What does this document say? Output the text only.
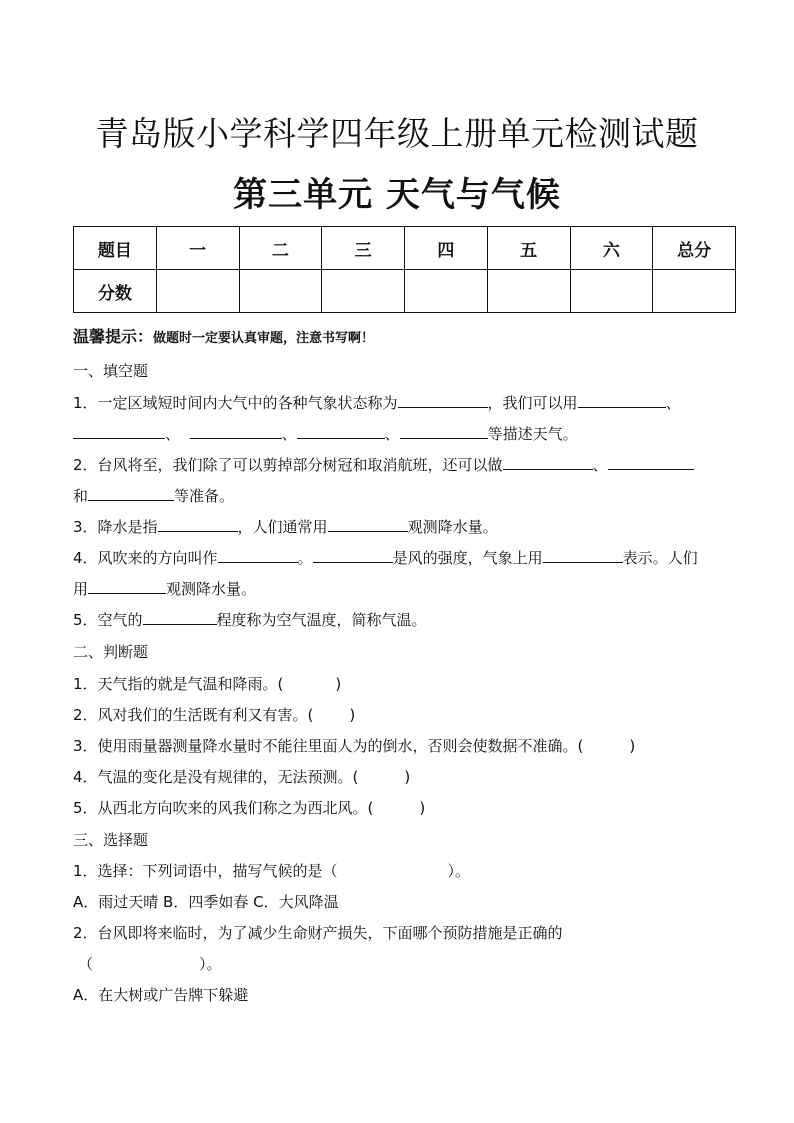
青岛版小学科学四年级上册单元检测试题
第三单元 天气与气候
题目	一	二	三	四	五	六	总分
分数							
温馨提示：做题时一定要认真审题，注意书写啊！
一、填空题
1．一定区域短时间内大气中的各种气象状态称为	，我们可以用	、
、	、	、	等描述天气。
2．台风将至，我们除了可以剪掉部分树冠和取消航班，还可以做	、
和	等准备。
3．降水是指	，人们通常用	观测降水量。
4．风吹来的方向叫作	。	是风的强度，气象上用	表示。人们
用	观测降水量。
5．空气的	程度称为空气温度，简称气温。
二、判断题
1．天气指的就是气温和降雨。(	)
2．风对我们的生活既有利又有害。( )
3．使用雨量器测量降水量时不能往里面人为的倒水，否则会使数据不准确。(	)
4．气温的变化是没有规律的，无法预测。(	)
5．从西北方向吹来的风我们称之为西北风。(	)
三、选择题
1．选择：下列词语中，描写气候的是（	）。
A．雨过天晴 B．四季如春 C．大风降温
2．台风即将来临时，为了减少生命财产损失，下面哪个预防措施是正确的
（	）。
A．在大树或广告牌下躲避
